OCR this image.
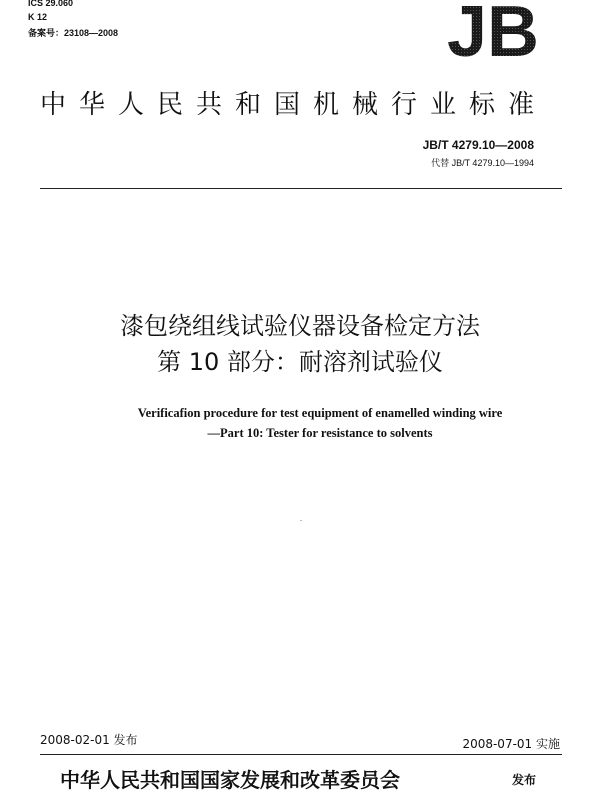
ICS 29.060
K 12
备案号：23108—2008	JB
中华人民共和国机械行业标准
JB/T 4279.10—2008
代替 JB/T 4279.10—1994
漆包绕组线试验仪器设备检定方法
第 10 部分：耐溶剂试验仪
Verificafion procedure for test equipment of enamelled winding wire
—Part 10: Tester for resistance to solvents
2008-02-01 发布	2008-07-01 实施
中华人民共和国国家发展和改革委员会	发布
